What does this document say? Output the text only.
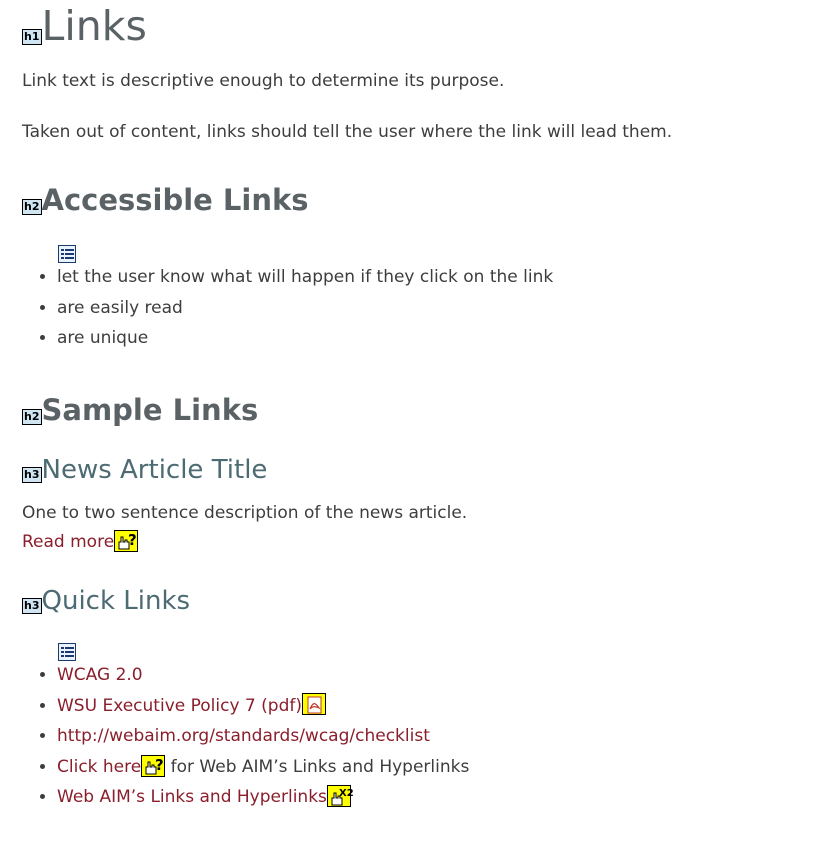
h1Links

Link text is descriptive enough to determine its purpose.

Taken out of content, links should tell the user where the link will lead them.

h2Accessible Links
• let the user know what will happen if they click on the link
• are easily read
• are unique
h2Sample Links
h3News Article Title

One to two sentence description of the news article.

Read more ?
h3Quick Links
• WCAG 2.0
• WSU Executive Policy 7 (pdf)
• http://webaim.org/standards/wcag/checklist
• Click here ? for Web AIM’s Links and Hyperlinks
• Web AIM’s Links and Hyperlinks X2
